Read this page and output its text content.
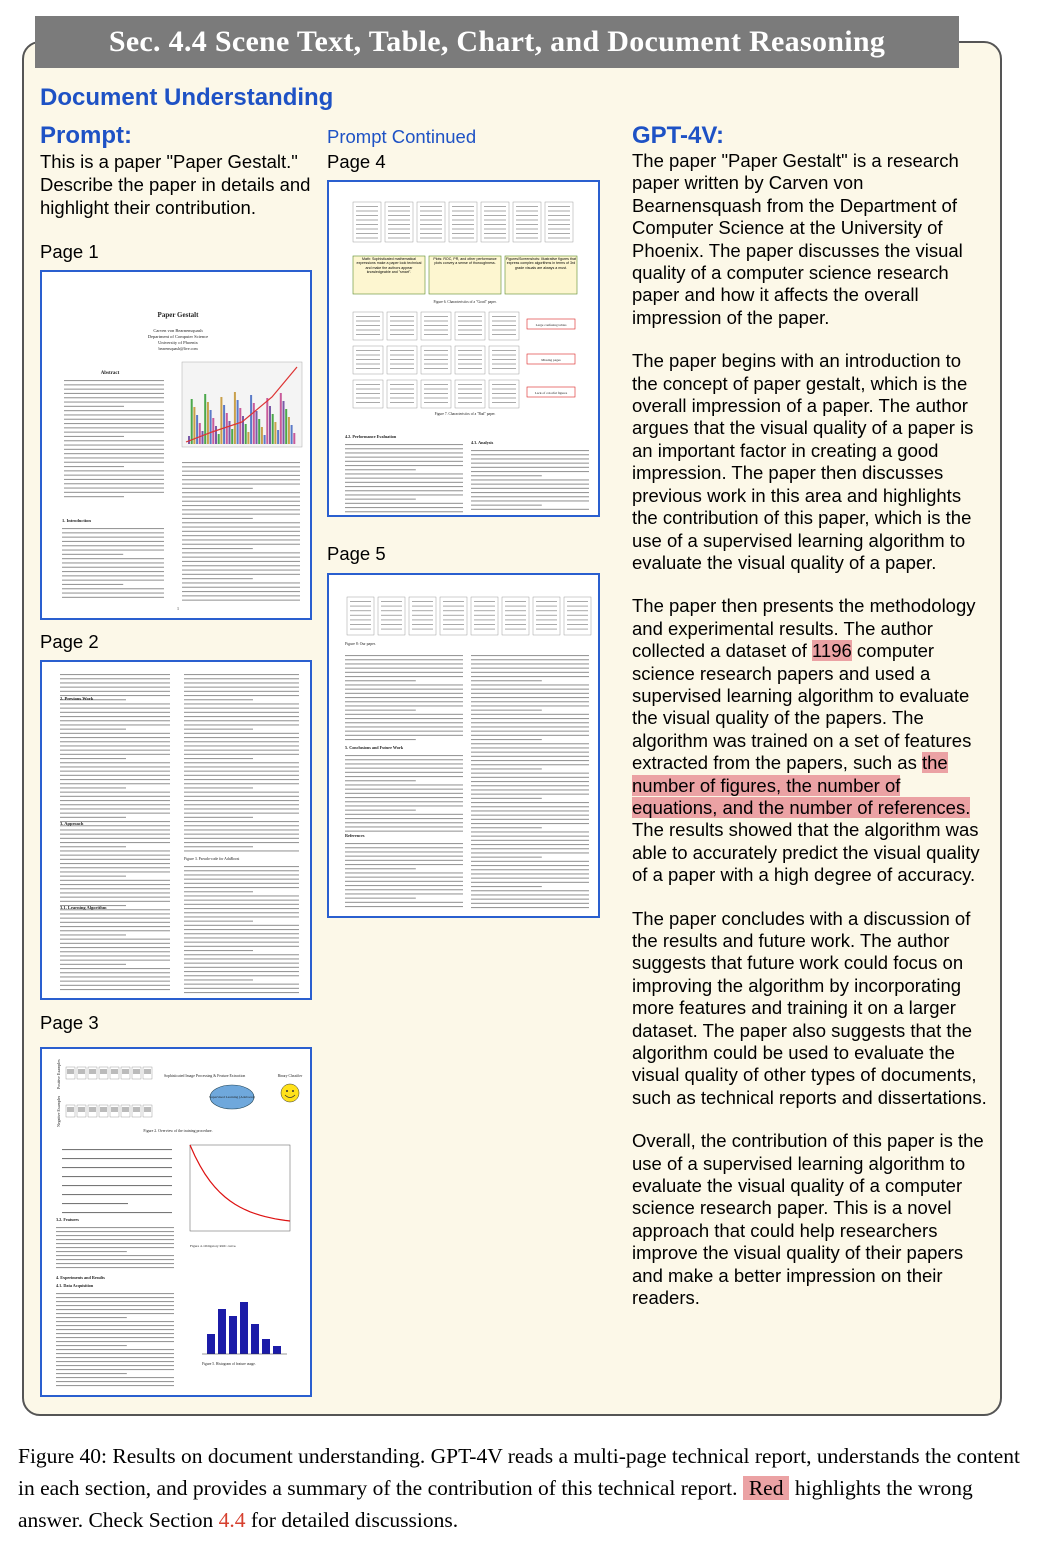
Sec. 4.4 Scene Text, Table, Chart, and Document Reasoning
Document Understanding
Prompt:
This is a paper "Paper Gestalt." Describe the paper in details and highlight their contribution.
Page 1
Paper Gestalt
Carven von Bearnensquash
Department of Computer Science
University of Phoenix
bearensquash@live.com
Abstract
1. Introduction
1
Page 2
2. Previous Work
3. Approach
3.1. Learning Algorithm
Figure 3. Pseudo-code for AdaBoost
Page 3
Positive Examples
Negative Examples
Sophisticated Image Processing & Feature Extraction
Supervised Learning (Adaboost)
Binary Classifier
Figure 2. Overview of the training procedure.
Figure 4. Obligatory ROC curve.
3.2. Features
4. Experiments and Results
4.1. Data Acquisition
Figure 5. Histogram of feature usage.
Prompt Continued
Page 4
Math: Sophisticated mathematical expressions make a paper look technical and make the authors appear knowledgeable and "smart".
Plots: ROC, PR, and other performance plots convey a sense of thoroughness.
Figures/Screenshots: Illustrative figures that express complex algorithms in terms of 3rd grade visuals are always a must.
Figure 6. Characteristics of a "Good" paper.
Large confusing tables
Missing pages
Lack of colorful figures
Figure 7. Characteristics of a "Bad" paper.
4.2. Performance Evaluation
4.3. Analysis
Page 5
Figure 8: Our paper.
5. Conclusions and Future Work
References
GPT-4V:

The paper "Paper Gestalt" is a research paper written by Carven von Bearnensquash from the Department of Computer Science at the University of Phoenix. The paper discusses the visual quality of a computer science research paper and how it affects the overall impression of the paper.

The paper begins with an introduction to the concept of paper gestalt, which is the overall impression of a paper. The author argues that the visual quality of a paper is an important factor in creating a good impression. The paper then discusses previous work in this area and highlights the contribution of this paper, which is the use of a supervised learning algorithm to evaluate the visual quality of a paper.

The paper then presents the methodology and experimental results. The author collected a dataset of 1196 computer science research papers and used a supervised learning algorithm to evaluate the visual quality of the papers. The algorithm was trained on a set of features extracted from the papers, such as the number of figures, the number of equations, and the number of references. The results showed that the algorithm was able to accurately predict the visual quality of a paper with a high degree of accuracy.

The paper concludes with a discussion of the results and future work. The author suggests that future work could focus on improving the algorithm by incorporating more features and training it on a larger dataset. The paper also suggests that the algorithm could be used to evaluate the visual quality of other types of documents, such as technical reports and dissertations.

Overall, the contribution of this paper is the use of a supervised learning algorithm to evaluate the visual quality of a computer science research paper. This is a novel approach that could help researchers improve the visual quality of their papers and make a better impression on their readers.

Figure 40: Results on document understanding. GPT-4V reads a multi-page technical report, understands the content in each section, and provides a summary of the contribution of this technical report. Red highlights the wrong answer. Check Section 4.4 for detailed discussions.
